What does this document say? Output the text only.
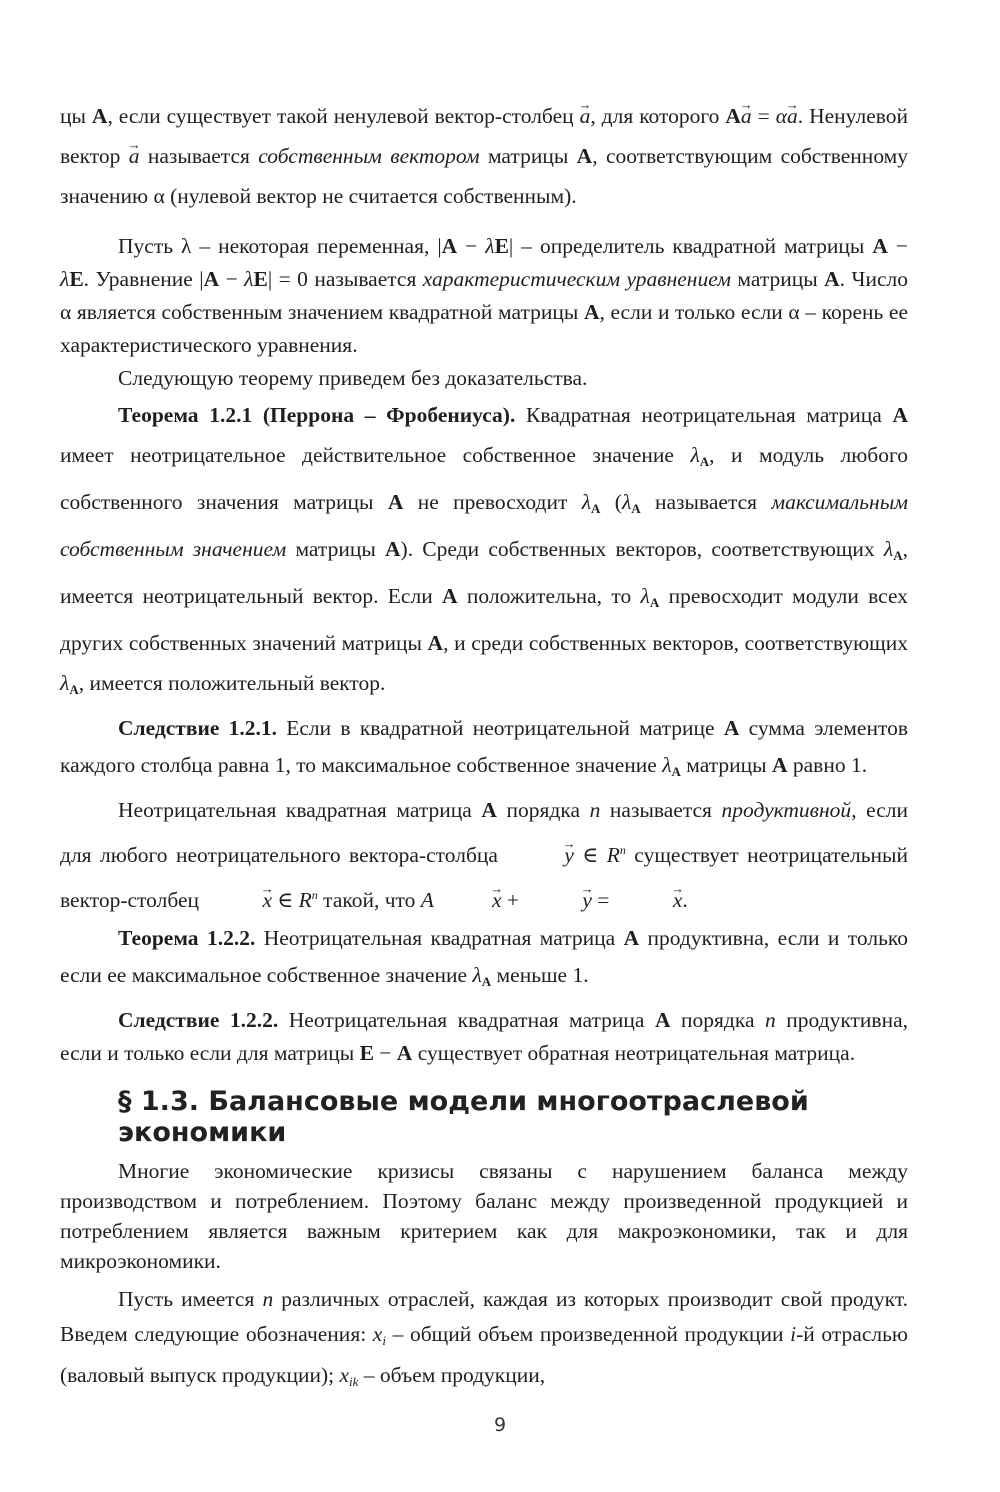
цы А, если существует такой ненулевой вектор-столбец → a, для которого А→ a = α→ a. Ненулевой вектор → a называется собственным вектором матрицы А, соответствующим собственному значению α (нулевой вектор не считается собственным).

Пусть λ – некоторая переменная, |А − λЕ| – определитель квадратной матрицы А − λЕ. Уравнение |А − λЕ| = 0 называется характеристическим уравнением матрицы А. Число α является собственным значением квадратной матрицы А, если и только если α – корень ее характеристического уравнения.

Следующую теорему приведем без доказательства.

Теорема 1.2.1 (Перрона – Фробениуса). Квадратная неотрицательная матрица А имеет неотрицательное действительное собственное значение $\lambda_А$, и модуль любого собственного значения матрицы А не превосходит $\lambda_А$ ($\lambda_А$ называется максимальным собственным значением матрицы А). Среди собственных векторов, соответствующих $\lambda_А$, имеется неотрицательный вектор. Если А положительна, то $\lambda_А$ превосходит модули всех других собственных значений матрицы А, и среди собственных векторов, соответствующих $\lambda_А$, имеется положительный вектор.

Следствие 1.2.1. Если в квадратной неотрицательной матрице А сумма элементов каждого столбца равна 1, то максимальное собственное значение $\lambda_А$ матрицы А равно 1.

Неотрицательная квадратная матрица А порядка n называется продуктивной, если для любого неотрицательного вектора-столбца	→ y ∈ $R^n$ существует неотрицательный вектор-столбец	→ x ∈ $R^n$ такой, что А	→ x +	→ y =	→ x.

Теорема 1.2.2. Неотрицательная квадратная матрица А продуктивна, если и только если ее максимальное собственное значение $\lambda_А$ меньше 1.

Следствие 1.2.2. Неотрицательная квадратная матрица А порядка n продуктивна, если и только если для матрицы Е − А существует обратная неотрицательная матрица.

§ 1.3. Балансовые модели многоотраслевой экономики

Многие экономические кризисы связаны с нарушением баланса между производством и потреблением. Поэтому баланс между произведенной продукцией и потреблением является важным критерием как для макроэкономики, так и для микроэкономики.

Пусть имеется n различных отраслей, каждая из которых производит свой продукт. Введем следующие обозначения: xi – общий объем произведенной продукции i-й отраслью (валовый выпуск продукции); xik – объем продукции,

9
